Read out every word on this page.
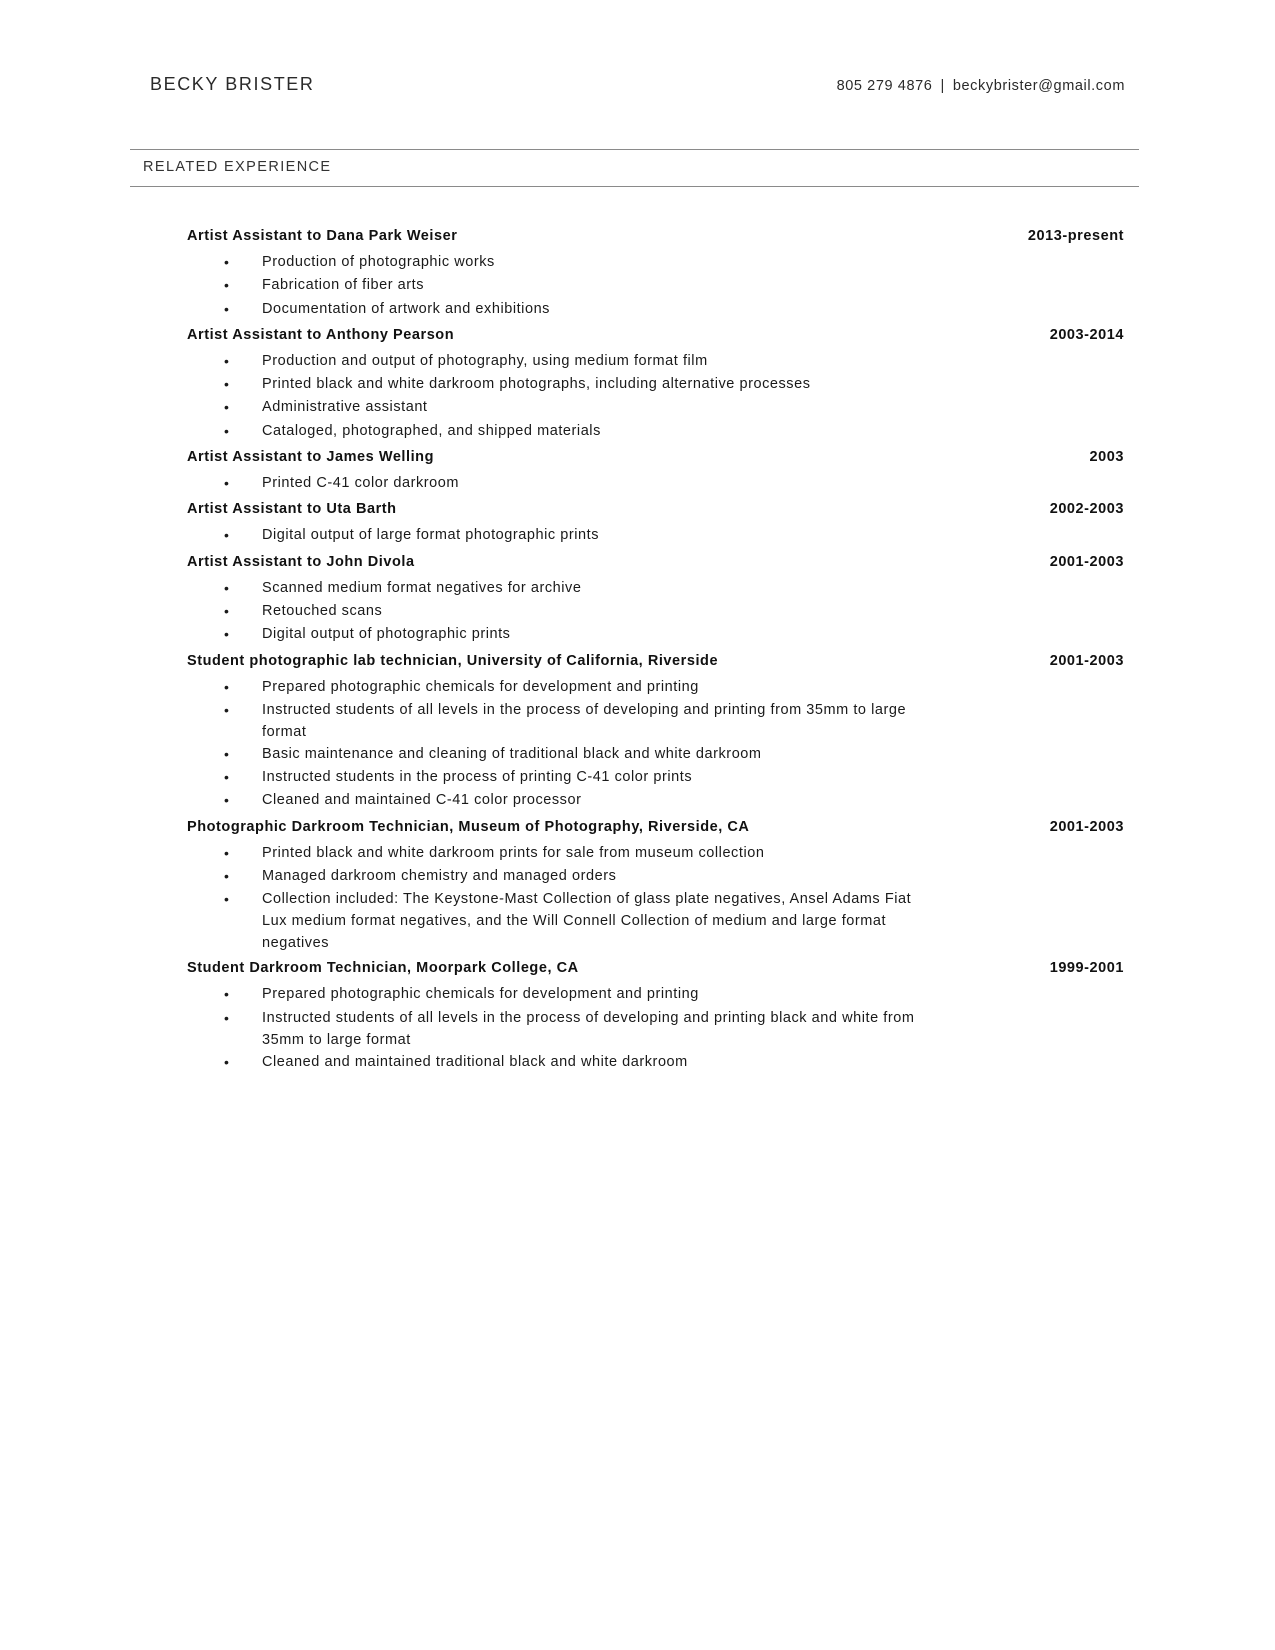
BECKY BRISTER	805 279 4876 | beckybrister@gmail.com
RELATED EXPERIENCE
Artist Assistant to Dana Park Weiser	2013-present
• Production of photographic works
• Fabrication of fiber arts
• Documentation of artwork and exhibitions
Artist Assistant to Anthony Pearson	2003-2014
• Production and output of photography, using medium format film
• Printed black and white darkroom photographs, including alternative processes
• Administrative assistant
• Cataloged, photographed, and shipped materials
Artist Assistant to James Welling	2003
• Printed C-41 color darkroom
Artist Assistant to Uta Barth	2002-2003
• Digital output of large format photographic prints
Artist Assistant to John Divola	2001-2003
• Scanned medium format negatives for archive
• Retouched scans
• Digital output of photographic prints
Student photographic lab technician, University of California, Riverside	2001-2003
• Prepared photographic chemicals for development and printing
• Instructed students of all levels in the process of developing and printing from 35mm to large format
• Basic maintenance and cleaning of traditional black and white darkroom
• Instructed students in the process of printing C-41 color prints
• Cleaned and maintained C-41 color processor
Photographic Darkroom Technician, Museum of Photography, Riverside, CA	2001-2003
• Printed black and white darkroom prints for sale from museum collection
• Managed darkroom chemistry and managed orders
• Collection included: The Keystone-Mast Collection of glass plate negatives, Ansel Adams Fiat Lux medium format negatives, and the Will Connell Collection of medium and large format negatives
Student Darkroom Technician, Moorpark College, CA	1999-2001
• Prepared photographic chemicals for development and printing
• Instructed students of all levels in the process of developing and printing black and white from 35mm to large format
• Cleaned and maintained traditional black and white darkroom
